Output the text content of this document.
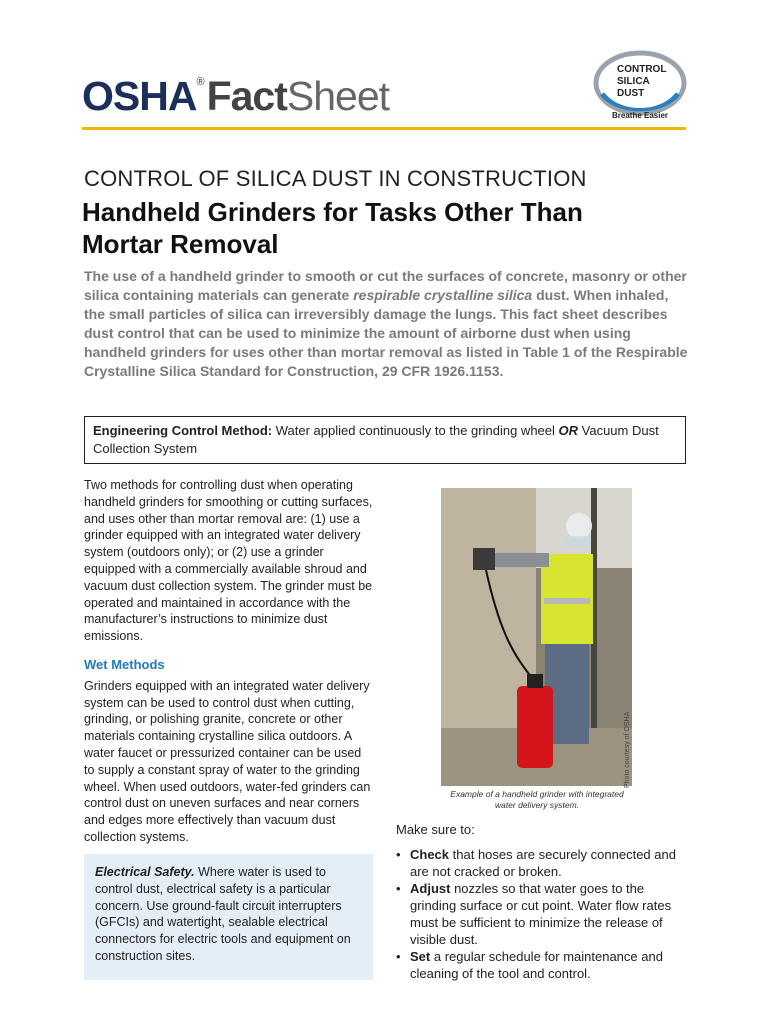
OSHA ® Fact Sheet
CONTROL
SILICA
DUST
Breathe Easier
CONTROL OF SILICA DUST IN CONSTRUCTION
Handheld Grinders for Tasks Other Than
Mortar Removal
The use of a handheld grinder to smooth or cut the surfaces of concrete, masonry or other silica containing materials can generate respirable crystalline silica dust. When inhaled, the small particles of silica can irreversibly damage the lungs. This fact sheet describes dust control that can be used to minimize the amount of airborne dust when using handheld grinders for uses other than mortar removal as listed in Table 1 of the Respirable Crystalline Silica Standard for Construction, 29 CFR 1926.1153.
Engineering Control Method: Water applied continuously to the grinding wheel OR Vacuum Dust Collection System

Two methods for controlling dust when operating handheld grinders for smoothing or cutting surfaces, and uses other than mortar removal are: (1) use a grinder equipped with an integrated water delivery system (outdoors only); or (2) use a grinder equipped with a commercially available shroud and vacuum dust collection system. The grinder must be operated and maintained in accordance with the manufacturer’s instructions to minimize dust emissions.

Wet Methods

Grinders equipped with an integrated water delivery system can be used to control dust when cutting, grinding, or polishing granite, concrete or other materials containing crystalline silica outdoors. A water faucet or pressurized container can be used to supply a constant spray of water to the grinding wheel. When used outdoors, water-fed grinders can control dust on uneven surfaces and near corners and edges more effectively than vacuum dust collection systems.

Electrical Safety. Where water is used to control dust, electrical safety is a particular concern. Use ground-fault circuit interrupters (GFCIs) and watertight, sealable electrical connectors for electric tools and equipment on construction sites.
Photo courtesy of OSHA
Example of a handheld grinder with integrated water delivery system.
Make sure to:
• Check that hoses are securely connected and are not cracked or broken.
• Adjust nozzles so that water goes to the grinding surface or cut point. Water flow rates must be sufficient to minimize the release of visible dust.
• Set a regular schedule for maintenance and cleaning of the tool and control.
